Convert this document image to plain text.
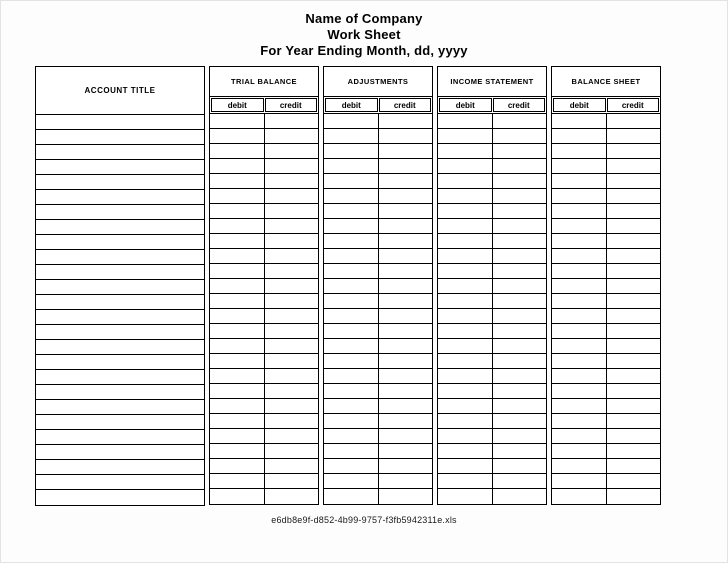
Name of Company
Work Sheet
For Year Ending Month, dd, yyyy
ACCOUNT TITLE
TRIAL BALANCE
debit	credit
ADJUSTMENTS
debit	credit
INCOME STATEMENT
debit	credit
BALANCE SHEET
debit	credit
e6db8e9f-d852-4b99-9757-f3fb5942311e.xls
